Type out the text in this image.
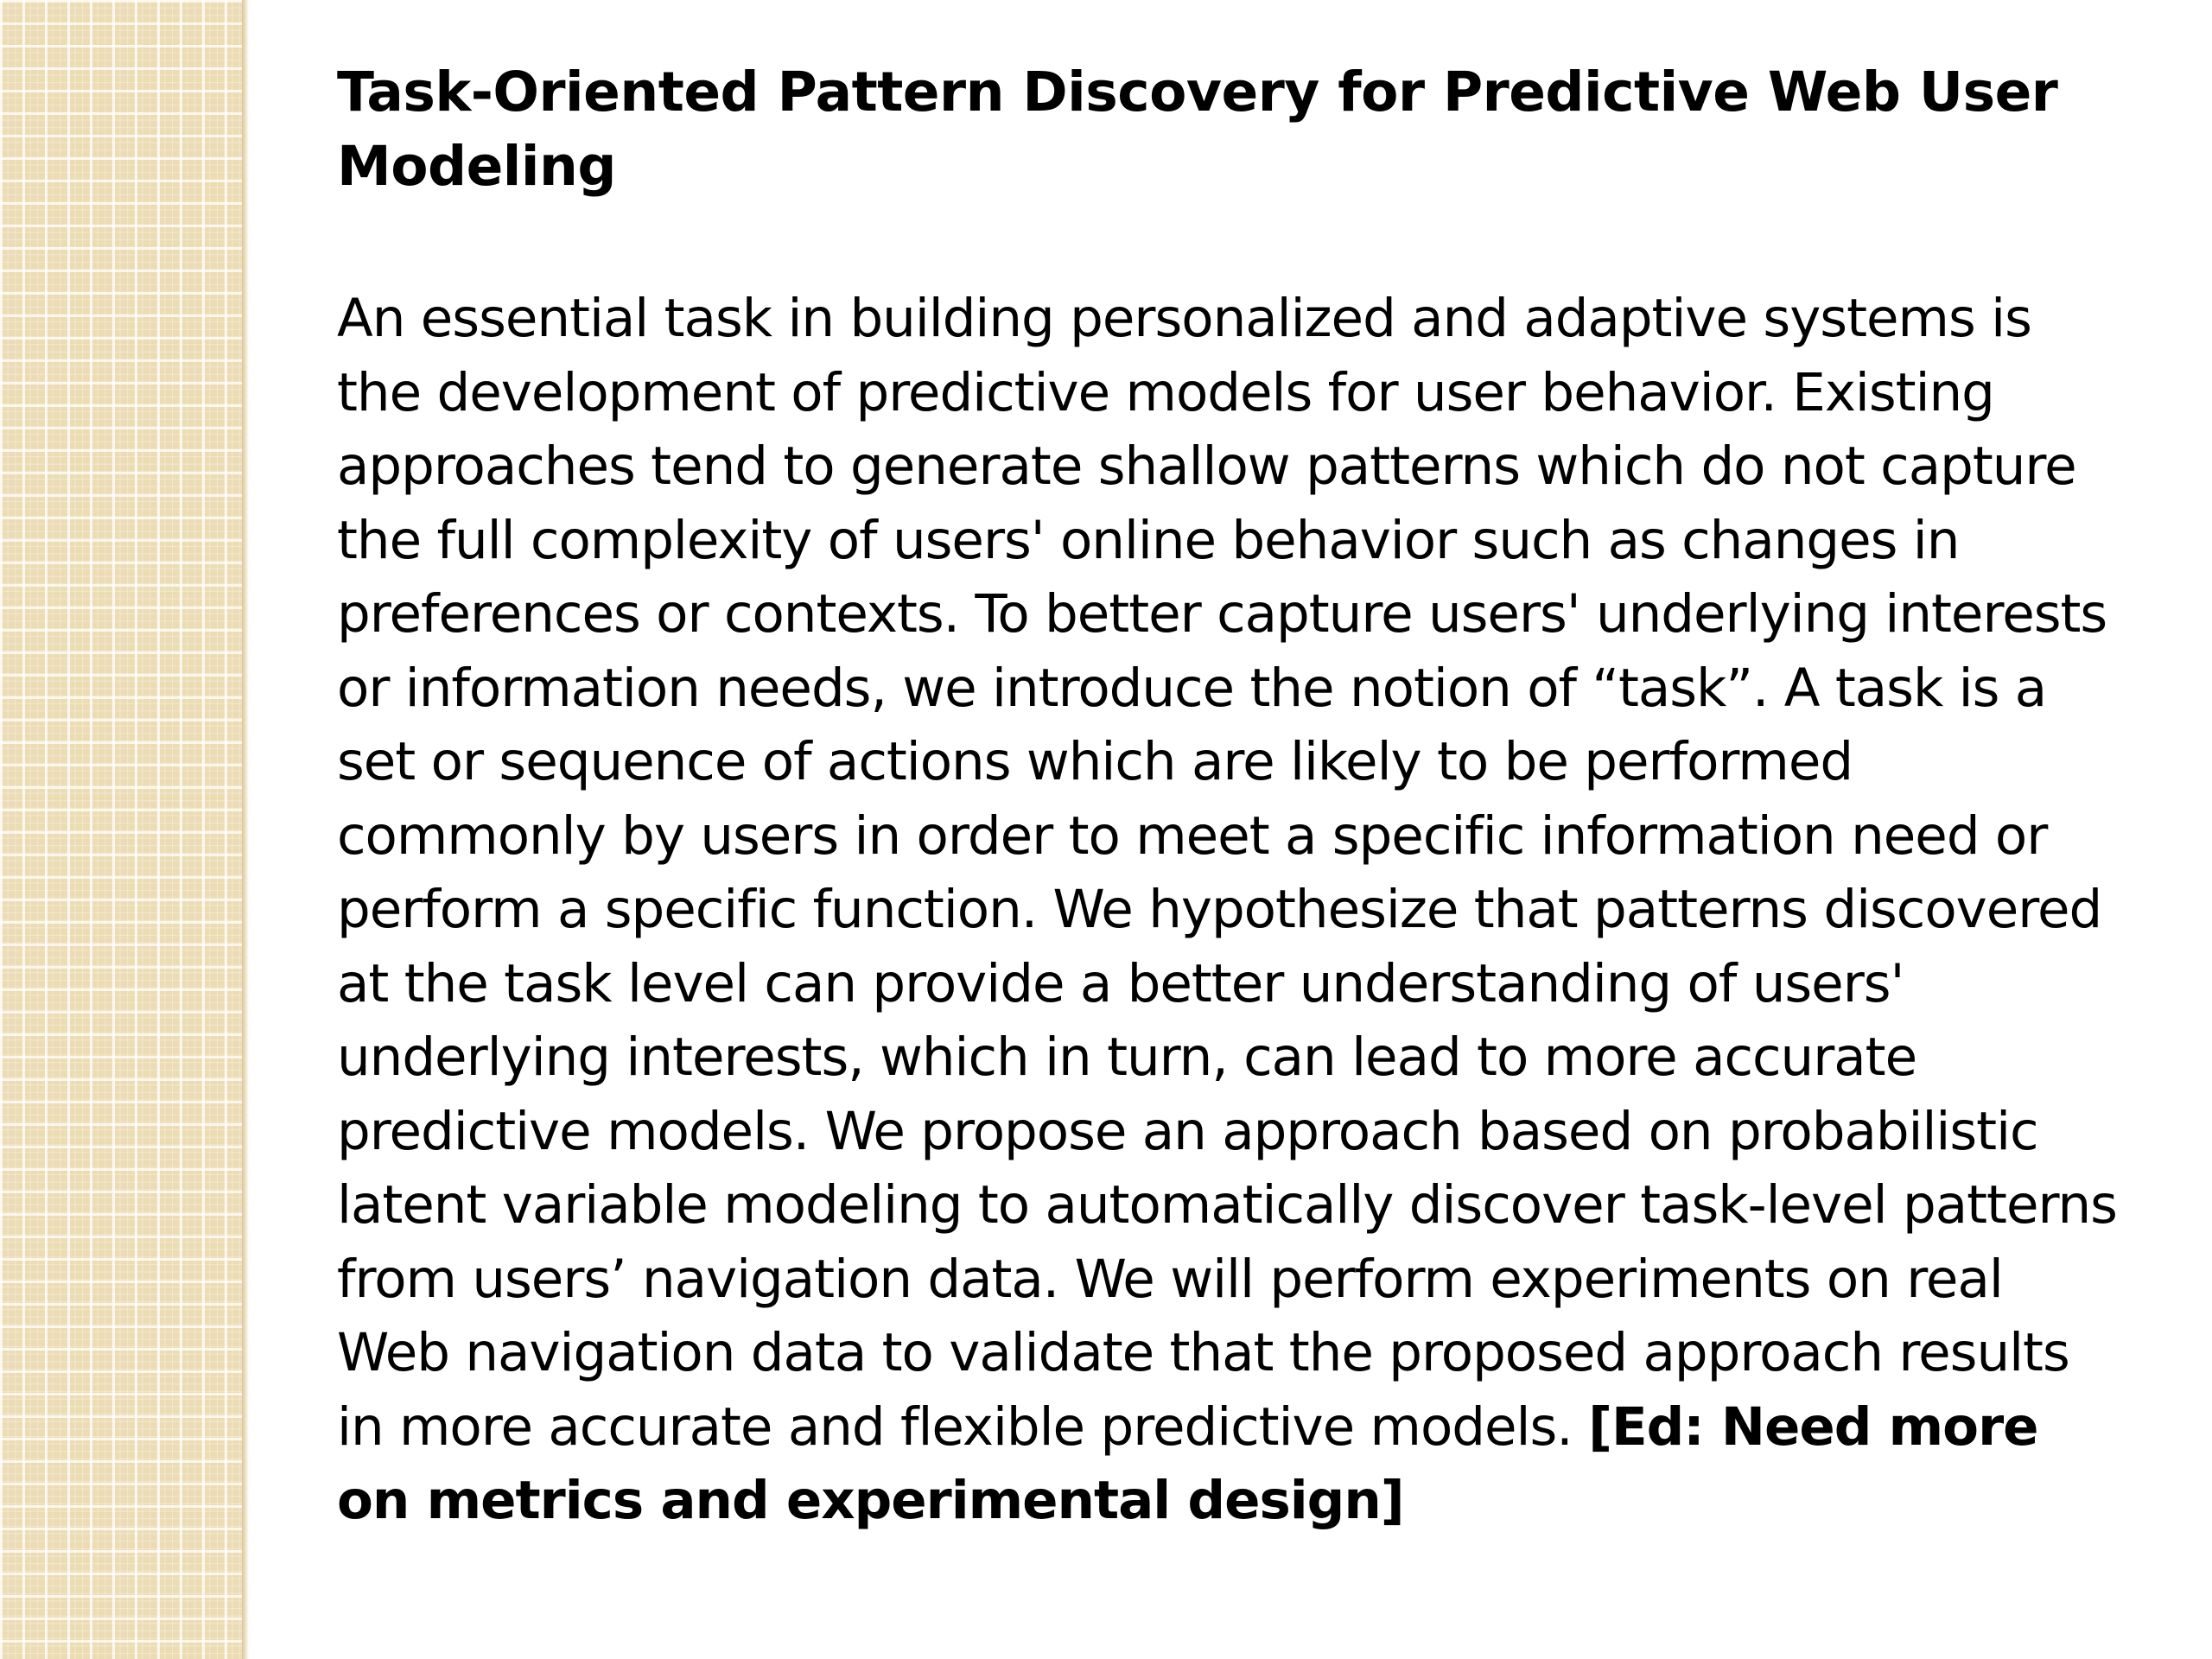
Task-Oriented Pattern Discovery for Predictive Web User Modeling

An essential task in building personalized and adaptive systems is the development of predictive models for user behavior. Existing approaches tend to generate shallow patterns which do not capture the full complexity of users' online behavior such as changes in preferences or contexts. To better capture users' underlying interests or information needs, we introduce the notion of “task”. A task is a set or sequence of actions which are likely to be performed commonly by users in order to meet a specific information need or perform a specific function. We hypothesize that patterns discovered at the task level can provide a better understanding of users' underlying interests, which in turn, can lead to more accurate predictive models. We propose an approach based on probabilistic latent variable modeling to automatically discover task-level patterns from users’ navigation data. We will perform experiments on real Web navigation data to validate that the proposed approach results in more accurate and flexible predictive models. [Ed: Need more on metrics and experimental design]
